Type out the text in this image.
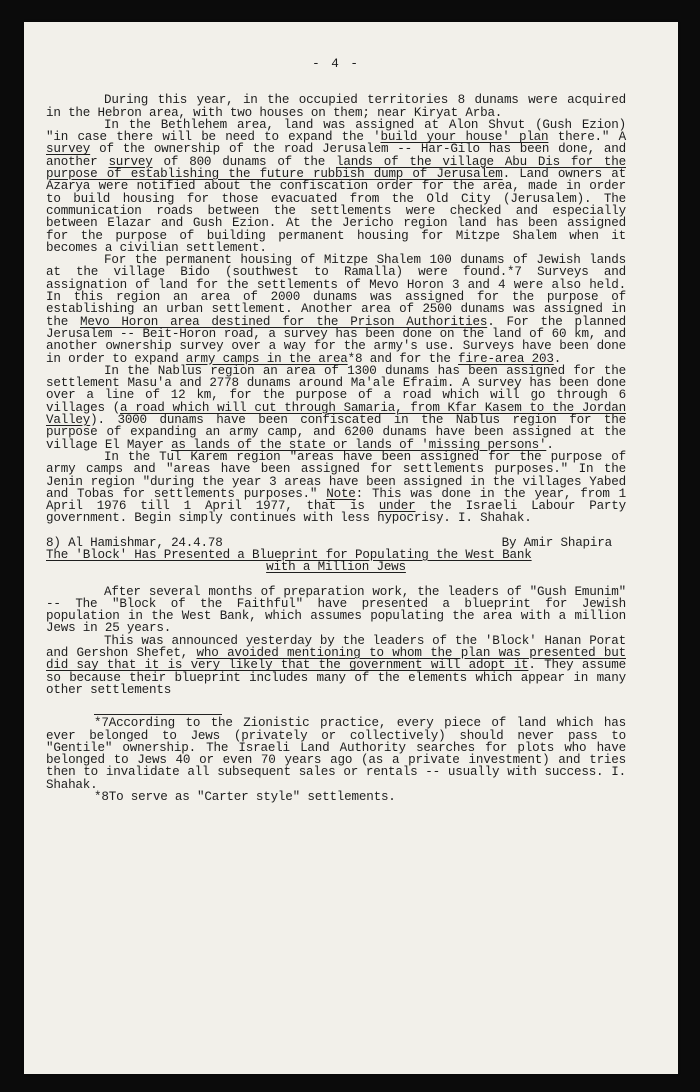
- 4 -

During this year, in the occupied territories 8 dunams were acquired in the Hebron area, with two houses on them; near Kiryat Arba.

In the Bethlehem area, land was assigned at Alon Shvut (Gush Ezion) "in case there will be need to expand the 'build your house' plan there." A survey of the ownership of the road Jerusalem -- Har-Gilo has been done, and another survey of 800 dunams of the lands of the village Abu Dis for the purpose of establishing the future rubbish dump of Jerusalem. Land owners at Azarya were notified about the confiscation order for the area, made in order to build housing for those evacuated from the Old City (Jerusalem). The communication roads between the settlements were checked and especially between Elazar and Gush Ezion. At the Jericho region land has been assigned for the purpose of building permanent housing for Mitzpe Shalem when it becomes a civilian settlement.

For the permanent housing of Mitzpe Shalem 100 dunams of Jewish lands at the village Bido (southwest to Ramalla) were found.*7 Surveys and assignation of land for the settlements of Mevo Horon 3 and 4 were also held. In this region an area of 2000 dunams was assigned for the purpose of establishing an urban settlement. Another area of 2500 dunams was assigned in the Mevo Horon area destined for the Prison Authorities. For the planned Jerusalem -- Beit-Horon road, a survey has been done on the land of 60 km, and another ownership survey over a way for the army's use. Surveys have been done in order to expand army camps in the area*8 and for the fire-area 203.

In the Nablus region an area of 1300 dunams has been assigned for the settlement Masu'a and 2778 dunams around Ma'ale Efraim. A survey has been done over a line of 12 km, for the purpose of a road which will go through 6 villages (a road which will cut through Samaria, from Kfar Kasem to the Jordan Valley). 3000 dunams have been confiscated in the Nablus region for the purpose of expanding an army camp, and 6200 dunams have been assigned at the village El Mayer as lands of the state or lands of 'missing persons'.

In the Tul Karem region "areas have been assigned for the purpose of army camps and "areas have been assigned for settlements purposes." In the Jenin region "during the year 3 areas have been assigned in the villages Yabed and Tobas for settlements purposes." Note: This was done in the year, from 1 April 1976 till 1 April 1977, that is under the Israeli Labour Party government. Begin simply continues with less hypocrisy. I. Shahak.

8) Al Hamishmar, 24.4.78	By Amir Shapira
The 'Block' Has Presented a Blueprint for Populating the West Bank

with a Million Jews

After several months of preparation work, the leaders of "Gush Emunim" -- The "Block of the Faithful" have presented a blueprint for Jewish population in the West Bank, which assumes populating the area with a million Jews in 25 years.

This was announced yesterday by the leaders of the 'Block' Hanan Porat and Gershon Shefet, who avoided mentioning to whom the plan was presented but did say that it is very likely that the government will adopt it. They assume so because their blueprint includes many of the elements which appear in many other settlements

*7According to the Zionistic practice, every piece of land which has ever belonged to Jews (privately or collectively) should never pass to "Gentile" ownership. The Israeli Land Authority searches for plots who have belonged to Jews 40 or even 70 years ago (as a private investment) and tries then to invalidate all subsequent sales or rentals -- usually with success. I. Shahak.

*8To serve as "Carter style" settlements.
